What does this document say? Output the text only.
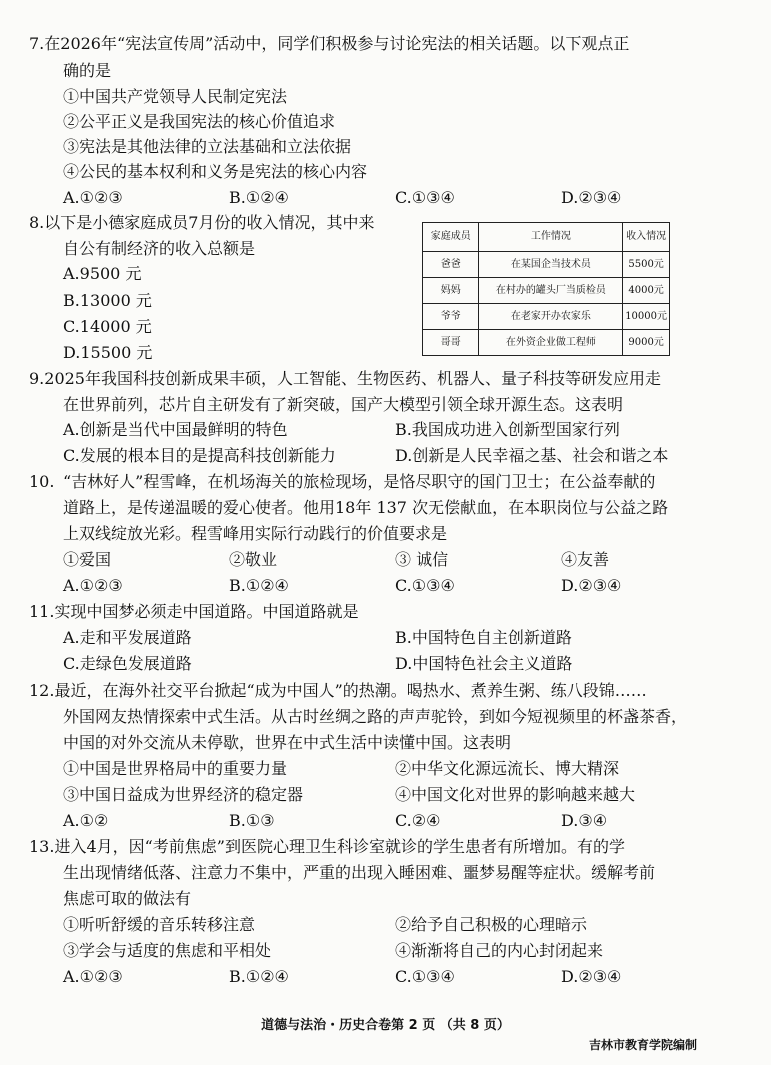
7.在2026年“宪法宣传周”活动中，同学们积极参与讨论宪法的相关话题。以下观点正
确的是
①中国共产党领导人民制定宪法
②公平正义是我国宪法的核心价值追求
③宪法是其他法律的立法基础和立法依据
④公民的基本权利和义务是宪法的核心内容
A.①②③	B.①②④	C.①③④	D.②③④
8.以下是小德家庭成员7月份的收入情况，其中来
自公有制经济的收入总额是
A.9500 元
B.13000 元
C.14000 元
D.15500 元
家庭成员	工作情况	收入情况
爸爸	在某国企当技术员	5500元
妈妈	在村办的罐头厂当质检员	4000元
爷爷	在老家开办农家乐	10000元
哥哥	在外资企业做工程师	9000元
9.2025年我国科技创新成果丰硕，人工智能、生物医药、机器人、量子科技等研发应用走
在世界前列，芯片自主研发有了新突破，国产大模型引领全球开源生态。这表明
A.创新是当代中国最鲜明的特色	B.我国成功进入创新型国家行列
C.发展的根本目的是提高科技创新能力	D.创新是人民幸福之基、社会和谐之本
10. “吉林好人”程雪峰，在机场海关的旅检现场，是恪尽职守的国门卫士；在公益奉献的
道路上，是传递温暖的爱心使者。他用18年 137 次无偿献血，在本职岗位与公益之路
上双线绽放光彩。程雪峰用实际行动践行的价值要求是
①爱国	②敬业	③ 诚信	④友善
A.①②③	B.①②④	C.①③④	D.②③④
11.实现中国梦必须走中国道路。中国道路就是
A.走和平发展道路	B.中国特色自主创新道路
C.走绿色发展道路	D.中国特色社会主义道路
12.最近，在海外社交平台掀起“成为中国人”的热潮。喝热水、煮养生粥、练八段锦……
外国网友热情探索中式生活。从古时丝绸之路的声声驼铃，到如今短视频里的杯盏茶香，
中国的对外交流从未停歇，世界在中式生活中读懂中国。这表明
①中国是世界格局中的重要力量	②中华文化源远流长、博大精深
③中国日益成为世界经济的稳定器	④中国文化对世界的影响越来越大
A.①②	B.①③	C.②④	D.③④
13.进入4月，因“考前焦虑”到医院心理卫生科诊室就诊的学生患者有所增加。有的学
生出现情绪低落、注意力不集中，严重的出现入睡困难、噩梦易醒等症状。缓解考前
焦虑可取的做法有
①听听舒缓的音乐转移注意	②给予自己积极的心理暗示
③学会与适度的焦虑和平相处	④渐渐将自己的内心封闭起来
A.①②③	B.①②④	C.①③④	D.②③④
道德与法治・历史合卷第 2 页 （共 8 页）
吉林市教育学院编制
